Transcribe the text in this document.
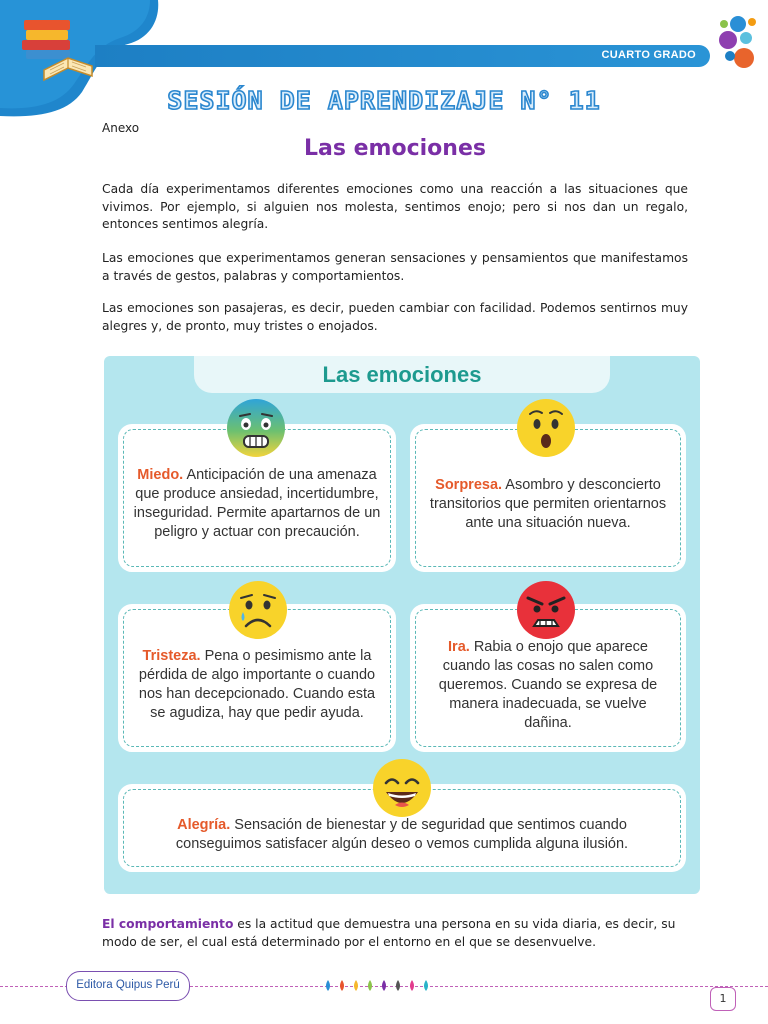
CUARTO GRADO
SESIÓN DE APRENDIZAJE N° 11
Anexo
Las emociones

Cada día experimentamos diferentes emociones como una reacción a las situaciones que vivimos. Por ejemplo, si alguien nos molesta, sentimos enojo; pero si nos dan un regalo, entonces sentimos alegría.

Las emociones que experimentamos generan sensaciones y pensamientos que manifestamos a través de gestos, palabras y comportamientos.

Las emociones son pasajeras, es decir, pueden cambiar con facilidad. Podemos sentirnos muy alegres y, de pronto, muy tristes o enojados.

Las emociones
Miedo. Anticipación de una amenaza que produce ansiedad, incertidumbre, inseguridad. Permite apartarnos de un peligro y actuar con precaución.
Sorpresa. Asombro y desconcierto transitorios que permiten orientarnos ante una situación nueva.
Tristeza. Pena o pesimismo ante la pérdida de algo importante o cuando nos han decepcionado. Cuando esta se agudiza, hay que pedir ayuda.
Ira. Rabia o enojo que aparece cuando las cosas no salen como queremos. Cuando se expresa de manera inadecuada, se vuelve dañina.
Alegría. Sensación de bienestar y de seguridad que sentimos cuando conseguimos satisfacer algún deseo o vemos cumplida alguna ilusión.

El comportamiento es la actitud que demuestra una persona en su vida diaria, es decir, su modo de ser, el cual está determinado por el entorno en el que se desenvuelve.

Editora Quipus Perú
1
